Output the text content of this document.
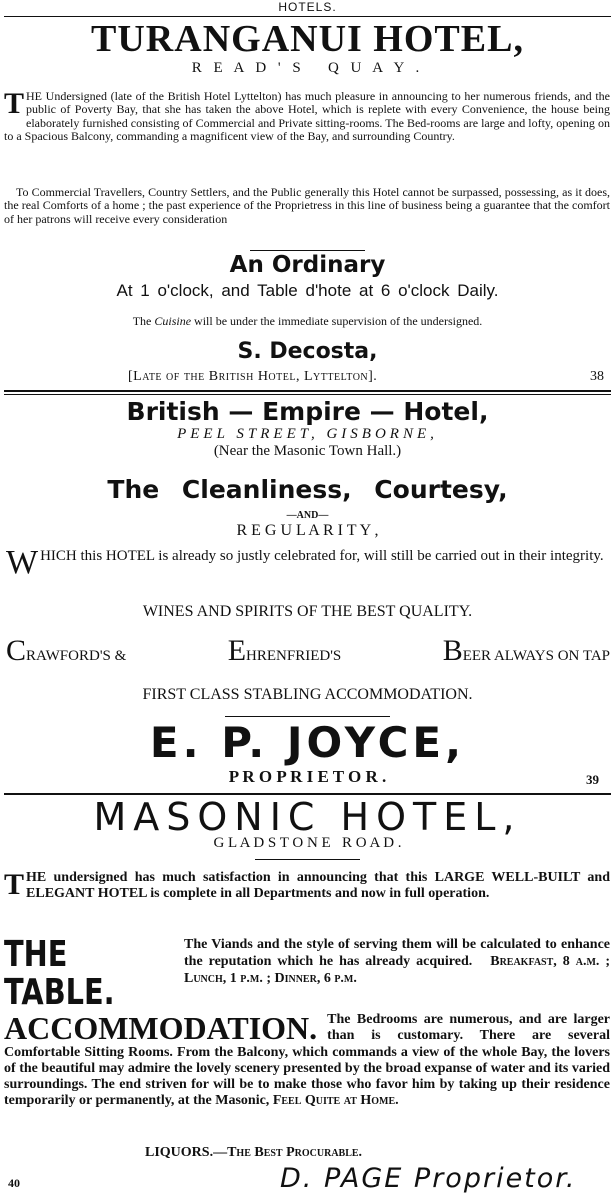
HOTELS.
TURANGANUI HOTEL,
R E A D ' S   Q U A Y .
THE Undersigned (late of the British Hotel Lyttelton) has much pleasure in announcing to her numerous friends, and the public of Poverty Bay, that she has taken the above Hotel, which is replete with every Convenience, the house being elaborately furnished consisting of Commercial and Private sitting-rooms. The Bed-rooms are large and lofty, opening on to a Spacious Balcony, commanding a magnificent view of the Bay, and surrounding Country.
To Commercial Travellers, Country Settlers, and the Public generally this Hotel cannot be surpassed, possessing, as it does, the real Comforts of a home ; the past experience of the Proprietress in this line of business being a guarantee that the comfort of her patrons will receive every consideration
An Ordinary
At 1 o'clock, and Table d'hote at 6 o'clock Daily.
The Cuisine will be under the immediate supervision of the undersigned.
S. Decosta,
[Late of the British Hotel, Lyttelton].	38
British — Empire — Hotel,
PEEL STREET, GISBORNE,
(Near the Masonic Town Hall.)
The Cleanliness, Courtesy,
—AND—
R E G U L A R I T Y ,
WHICH this HOTEL is already so justly celebrated for, will still be carried out in their integrity.
WINES AND SPIRITS OF THE BEST QUALITY.
CRAWFORD'S &	EHRENFRIED'S	BEER ALWAYS ON TAP
FIRST CLASS STABLING ACCOMMODATION.
E. P. JOYCE,
P R O P R I E T O R .	39
MASONIC HOTEL,
G L A D S T O N E   R O A D .
THE undersigned has much satisfaction in announcing that this LARGE WELL-BUILT and ELEGANT HOTEL is complete in all Departments and now in full operation.
THE TABLE.
The Viands and the style of serving them will be calculated to enhance the reputation which he has already acquired. Breakfast, 8 a.m. ; Lunch, 1 p.m. ; Dinner, 6 p.m.
ACCOMMODATION. The Bedrooms are numerous, and are larger than is customary. There are several Comfortable Sitting Rooms. From the Balcony, which commands a view of the whole Bay, the lovers of the beautiful may admire the lovely scenery presented by the broad expanse of water and its varied surroundings. The end striven for will be to make those who favor him by taking up their residence temporarily or permanently, at the Masonic, Feel Quite at Home.
LIQUORS.—The Best Procurable.
40	D. PAGE Proprietor.
